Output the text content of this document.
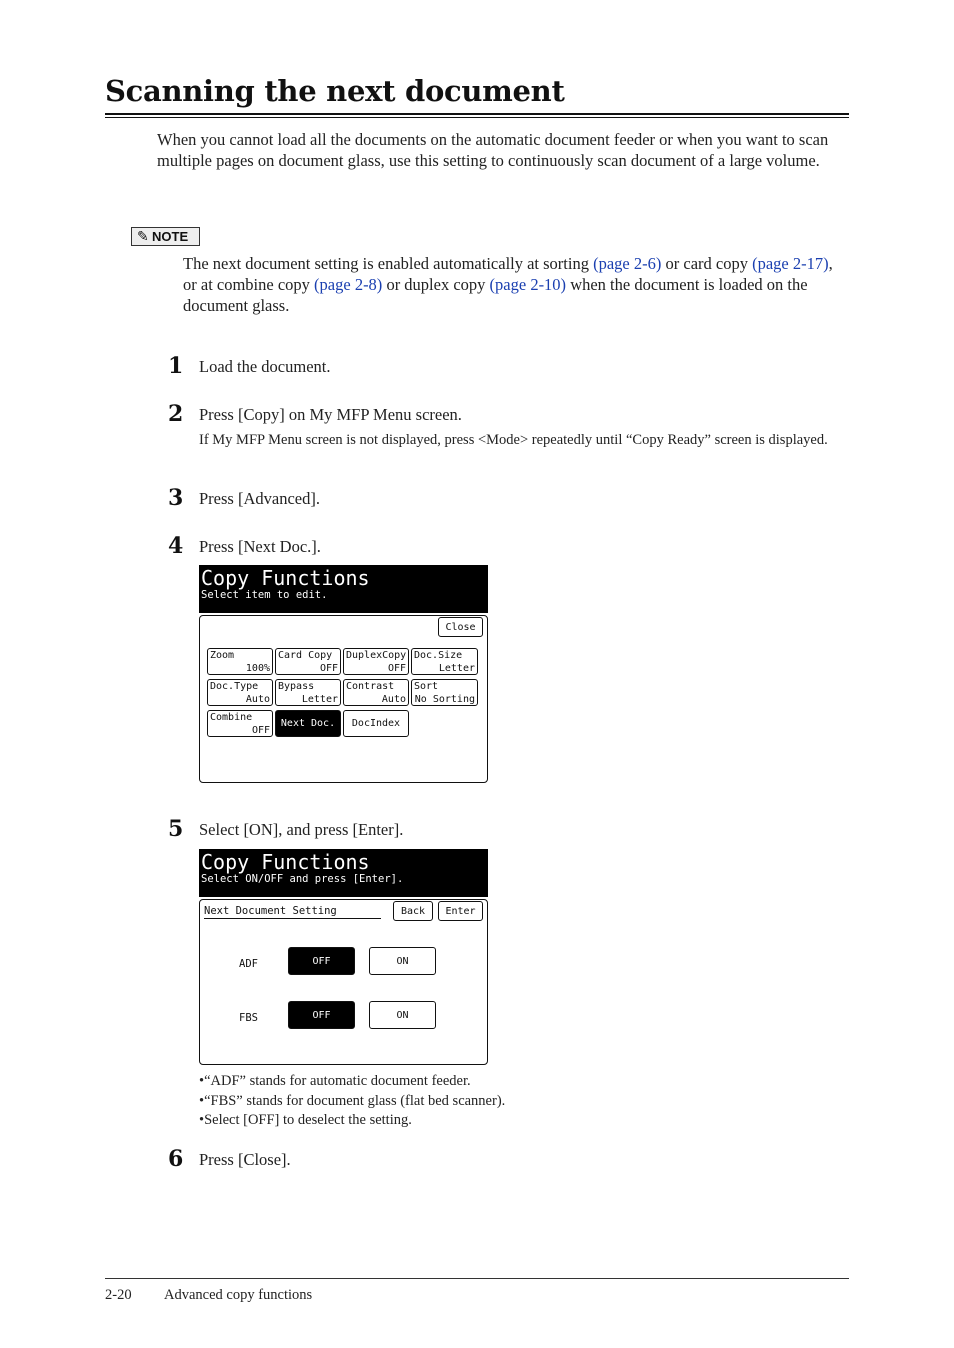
Scanning the next document
When you cannot load all the documents on the automatic document feeder or when you want to scan multiple pages on document glass, use this setting to continuously scan document of a large volume.
✎ NOTE
The next document setting is enabled automatically at sorting (page 2-6) or card copy (page 2-17), or at combine copy (page 2-8) or duplex copy (page 2-10) when the document is loaded on the document glass.
1 Load the document.
2 Press [Copy] on My MFP Menu screen.
If My MFP Menu screen is not displayed, press <Mode> repeatedly until “Copy Ready” screen is displayed.
3 Press [Advanced].
4 Press [Next Doc.].
Copy Functions
Select item to edit.
Close
Zoom
100%
Card Copy
OFF
DuplexCopy
OFF
Doc.Size
Letter
Doc.Type
Auto
Bypass
Letter
Contrast
Auto
Sort
No Sorting
Combine
OFF
Next Doc. DocIndex
5 Select [ON], and press [Enter].
Copy Functions
Select ON/OFF and press [Enter].
Next Document Setting	Back Enter
ADF	OFF	ON
FBS	OFF	ON
•“ADF” stands for automatic document feeder.
•“FBS” stands for document glass (flat bed scanner).
•Select [OFF] to deselect the setting.
6 Press [Close].
2-20 Advanced copy functions
